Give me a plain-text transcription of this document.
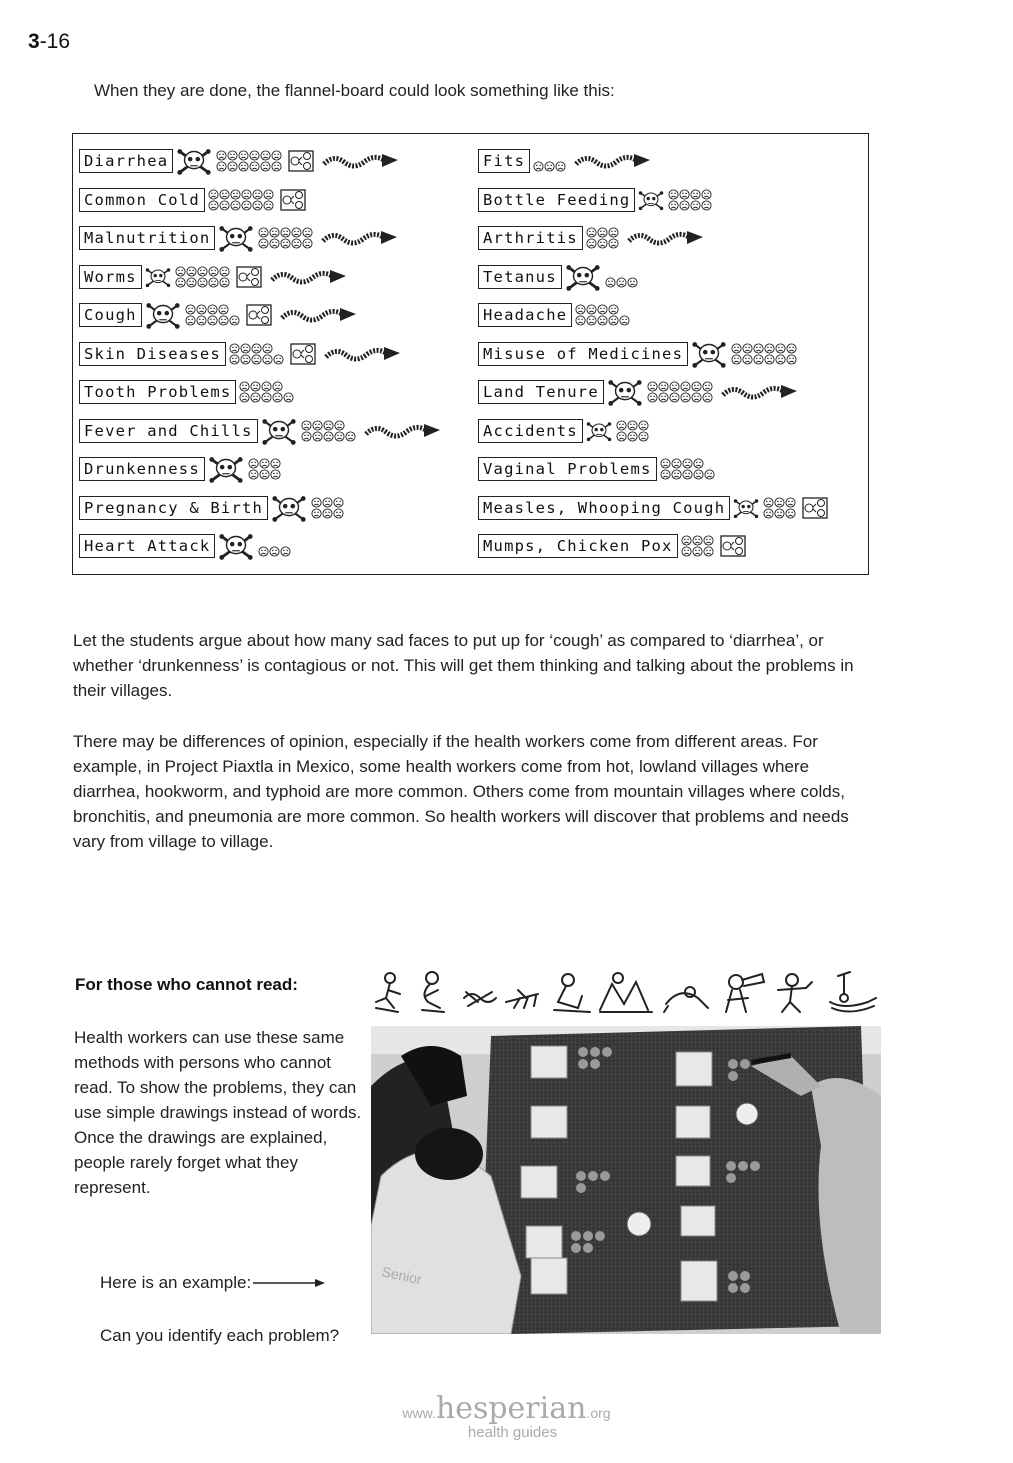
3-16
When they are done, the flannel-board could look something like this:
Diarrhea
Common Cold
Malnutrition
Worms
Cough
Skin Diseases
Tooth Problems
Fever and Chills
Drunkenness
Pregnancy & Birth
Heart Attack
Fits
Bottle Feeding
Arthritis
Tetanus
Headache
Misuse of Medicines
Land Tenure
Accidents
Vaginal Problems
Measles, Whooping Cough
Mumps, Chicken Pox

Let the students argue about how many sad faces to put up for ‘cough’ as compared to ‘diarrhea’, or whether ‘drunkenness’ is contagious or not. This will get them thinking and talking about the problems in their villages.

There may be differences of opinion, especially if the health workers come from different areas. For example, in Project Piaxtla in Mexico, some health workers come from hot, lowland villages where diarrhea, hookworm, and typhoid are more common. Others come from mountain villages where colds, bronchitis, and pneumonia are more common. So health workers will discover that problems and needs vary from village to village.

For those who cannot read:

Health workers can use these same methods with persons who cannot read. To show the problems, they can use simple drawings instead of words. Once the drawings are explained, people rarely forget what they represent.

Here is an example:

Can you identify each problem?

Senior
www.hesperian.org
health guides
